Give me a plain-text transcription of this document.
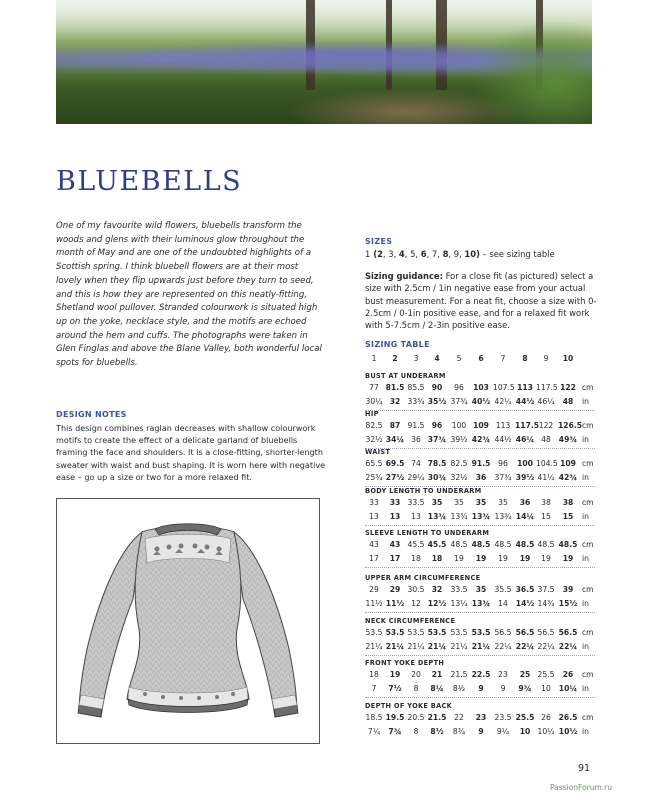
BLUEBELLS
One of my favourite wild flowers, bluebells transform the woods and glens with their luminous glow throughout the month of May and are one of the undoubted highlights of a Scottish spring. I think bluebell flowers are at their most lovely when they flip upwards just before they turn to seed, and this is how they are represented on this neatly-fitting, Shetland wool pullover. Stranded colourwork is situated high up on the yoke, necklace style, and the motifs are echoed around the hem and cuffs. The photographs were taken in Glen Finglas and above the Blane Valley, both wonderful local spots for bluebells.
DESIGN NOTES
This design combines raglan decreases with shallow colourwork motifs to create the effect of a delicate garland of bluebells framing the face and shoulders. It is a close-fitting, shorter-length sweater with waist and bust shaping. It is worn here with negative ease – go up a size or two for a more relaxed fit.
SIZES
1 (2, 3, 4, 5, 6, 7, 8, 9, 10) – see sizing table
Sizing guidance: For a close fit (as pictured) select a size with 2.5cm / 1in negative ease from your actual bust measurement. For a neat fit, choose a size with 0-2.5cm / 0-1in positive ease, and for a relaxed fit work with 5-7.5cm / 2-3in positive ease.
SIZING TABLE
1	2	3	4	5	6	7	8	9	10
BUST AT UNDERARM
77 81.5 85.5 90	96	103 107.5 113 117.5 122 cm
30¼ 32 33¾ 35½ 37¾ 40½ 42¼ 44½ 46¼	48	in
HIP
82.5 87 91.5 96	100 109 113 117.5 122 126.5 cm
32½ 34¼ 36 37¾ 39½ 42¾ 44½ 46¼ 48	49¾ in
WAIST
65.5 69.5 74 78.5 82.5 91.5	96	100 104.5 109 cm
25¾ 27½ 29¼ 30¾ 32½	36	37¾ 39½ 41¼ 42¾ in
BODY LENGTH TO UNDERARM
33	33 33.5 35	35	35	35	36	38	38	cm
13	13	13 13¾ 13¾ 13¾ 13¾ 14¼ 15	15	in
SLEEVE LENGTH TO UNDERARM
43	43 45.5 45.5 48.5 48.5 48.5 48.5 48.5 48.5 cm
17	17	18	18	19	19	19	19	19	19	in
UPPER ARM CIRCUMFERENCE
29	29 30.5 32	33.5	35	35.5 36.5 37.5	39	cm
11½ 11½ 12 12½ 13¼ 13¾	14	14½ 14¾ 15½ in
NECK CIRCUMFERENCE
53.5 53.5 53.5 53.5 53.5 53.5 56.5 56.5 56.5 56.5 cm
21¼ 21¼ 21¼ 21¼ 21¼ 21¼ 22¼ 22¼ 22¼ 22¼ in
FRONT YOKE DEPTH
18	19	20	21	21.5 22.5	23	25 25.5	26	cm
7	7½	8	8¼	8½	9	9	9¾	10	10¼ in
DEPTH OF YOKE BACK
18.5 19.5 20.5 21.5	22	23	23.5 25.5 26	26.5 cm
7¼	7¾	8	8½	8¾	9	9¼	10 10¼ 10½ in
91
PassionForum.ru
